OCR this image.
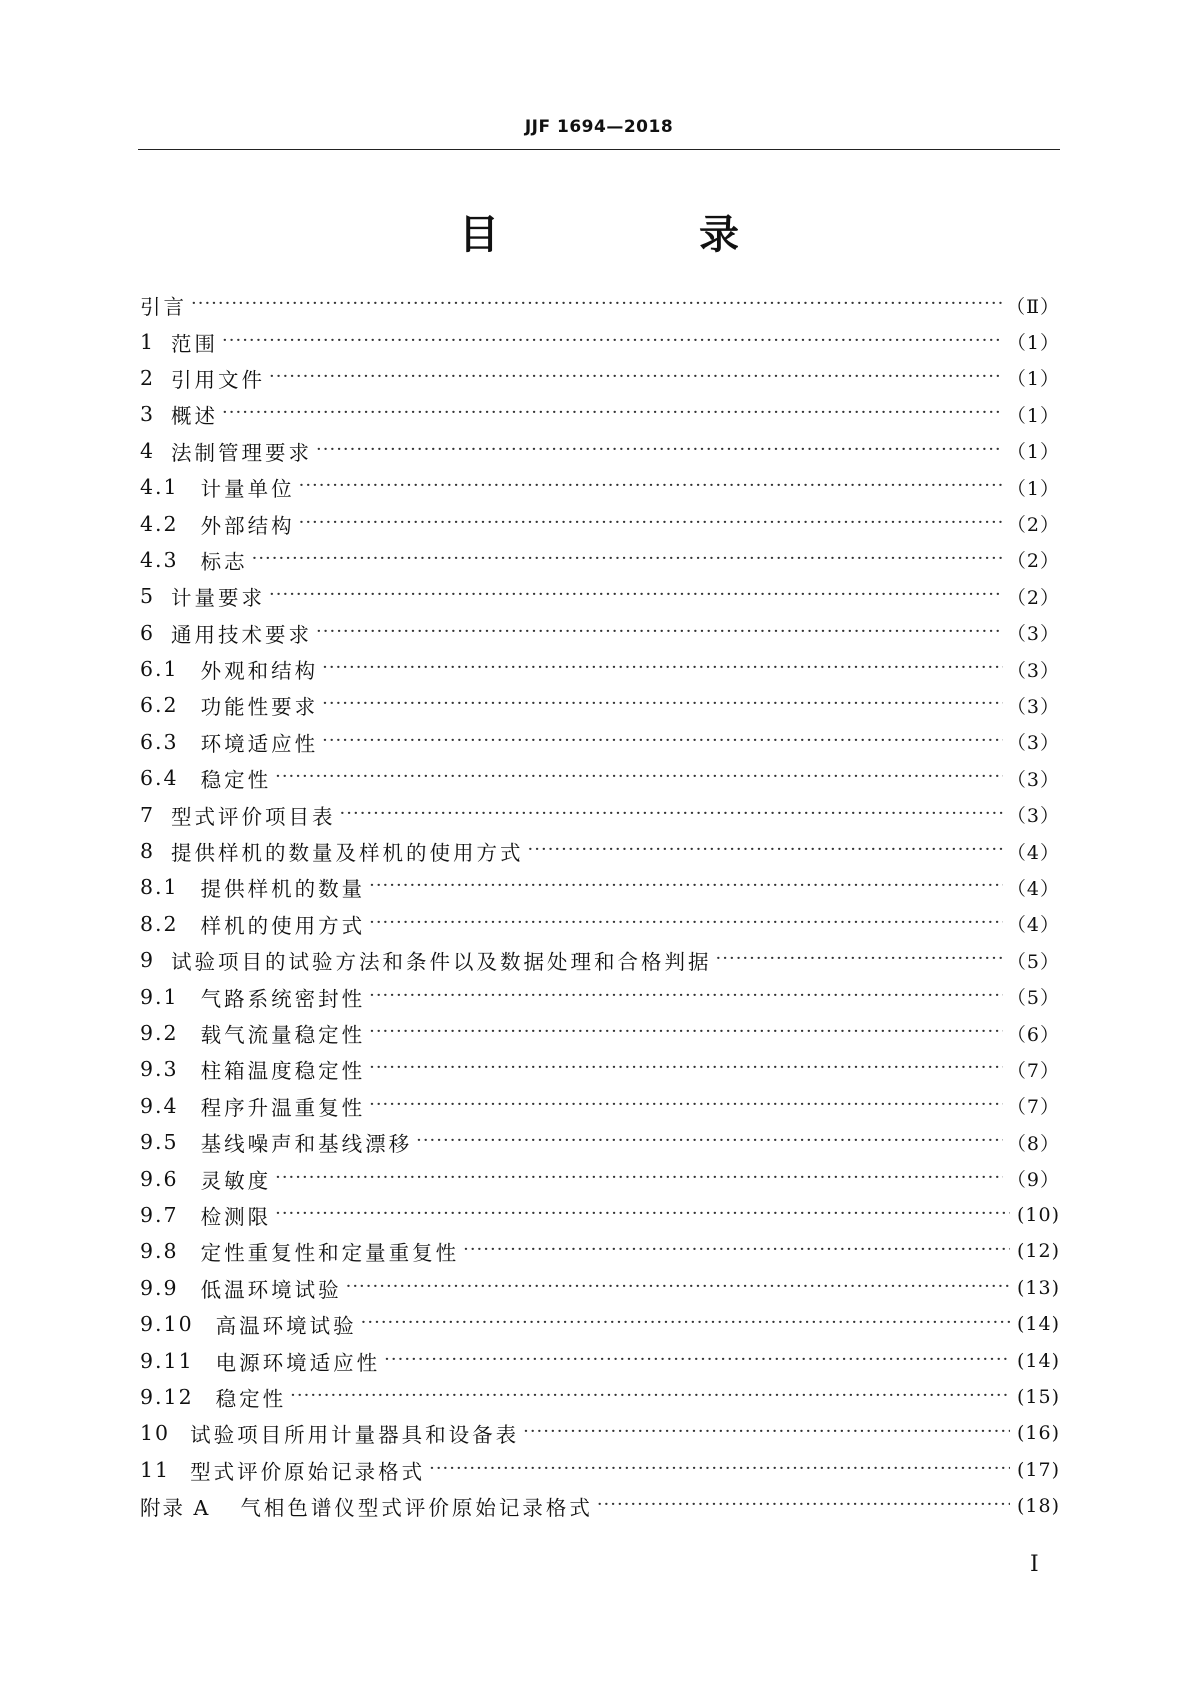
JJF 1694—2018
目　录
引言 ·····	（Ⅱ）
1 范围 ·····	（1）
2 引用文件 ·····	（1）
3 概述 ·····	（1）
4 法制管理要求 ·····	（1）
4.1 计量单位 ·····	（1）
4.2 外部结构 ·····	（2）
4.3 标志 ·····	（2）
5 计量要求 ·····	（2）
6 通用技术要求 ·····	（3）
6.1 外观和结构 ·····	（3）
6.2 功能性要求 ·····	（3）
6.3 环境适应性 ·····	（3）
6.4 稳定性 ·····	（3）
7 型式评价项目表 ·····	（3）
8 提供样机的数量及样机的使用方式 ·····	（4）
8.1 提供样机的数量 ·····	（4）
8.2 样机的使用方式 ·····	（4）
9 试验项目的试验方法和条件以及数据处理和合格判据 ·····	（5）
9.1 气路系统密封性 ·····	（5）
9.2 载气流量稳定性 ·····	（6）
9.3 柱箱温度稳定性 ·····	（7）
9.4 程序升温重复性 ·····	（7）
9.5 基线噪声和基线漂移 ·····	（8）
9.6 灵敏度 ·····	（9）
9.7 检测限 ·····	(10)
9.8 定性重复性和定量重复性 ·····	(12)
9.9 低温环境试验 ·····	(13)
9.10 高温环境试验 ·····	(14)
9.11 电源环境适应性 ·····	(14)
9.12 稳定性 ·····	(15)
10 试验项目所用计量器具和设备表 ·····	(16)
11 型式评价原始记录格式 ·····	(17)
附录 A 气相色谱仪型式评价原始记录格式 ·····	(18)
Ⅰ
